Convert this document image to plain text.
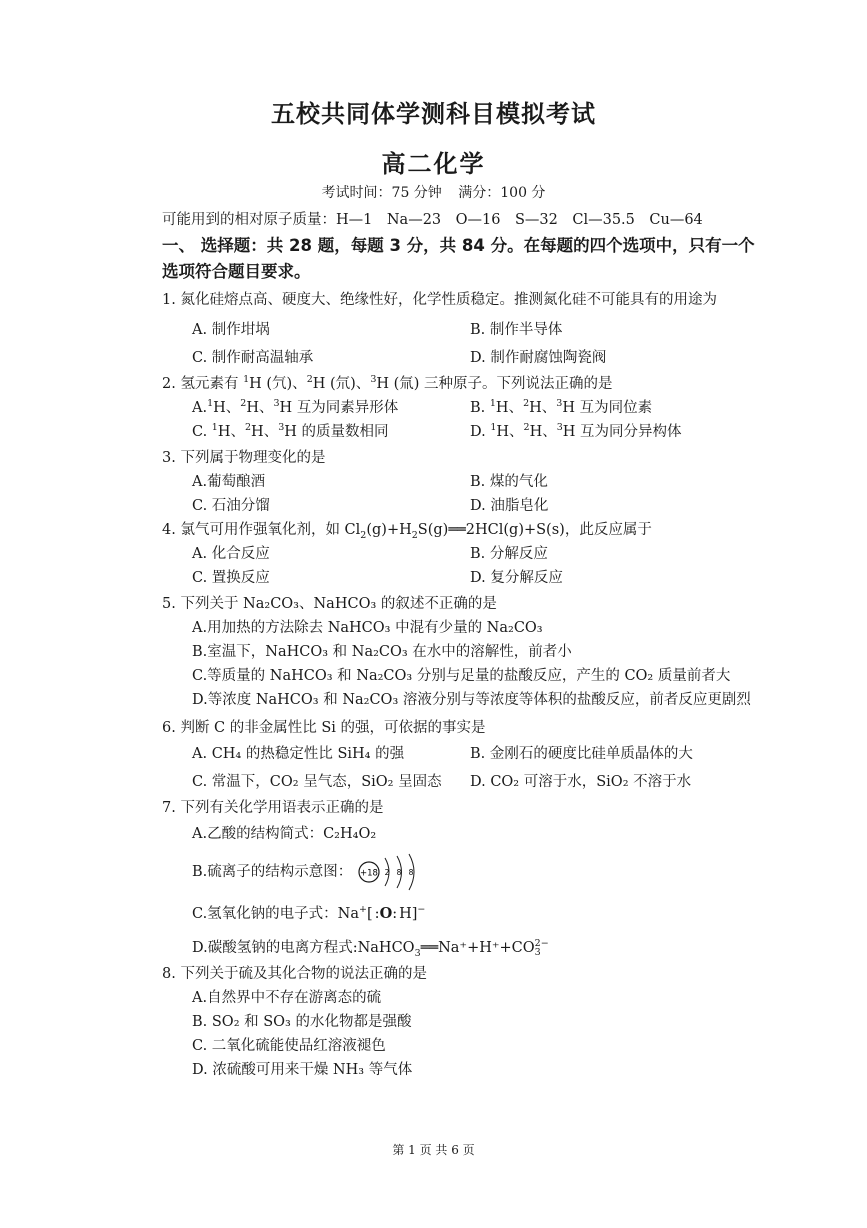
五校共同体学测科目模拟考试
高二化学
考试时间：75 分钟 满分：100 分
可能用到的相对原子质量：H—1　Na—23　O—16　S—32　Cl—35.5　Cu—64
一、 选择题：共 28 题，每题 3 分，共 84 分。在每题的四个选项中，只有一个
选项符合题目要求。
1. 氮化硅熔点高、硬度大、绝缘性好，化学性质稳定。推测氮化硅不可能具有的用途为
A. 制作坩埚	B. 制作半导体
C. 制作耐高温轴承	D. 制作耐腐蚀陶瓷阀
2. 氢元素有 $^1$H (氕)、$^2$H (氘)、$^3$H (氚) 三种原子。下列说法正确的是
A.$^1$H、$^2$H、$^3$H 互为同素异形体	B. $^1$H、$^2$H、$^3$H 互为同位素
C. $^1$H、$^2$H、$^3$H 的质量数相同	D. $^1$H、$^2$H、$^3$H 互为同分异构体
3. 下列属于物理变化的是
A.葡萄酿酒	B. 煤的气化
C. 石油分馏	D. 油脂皂化
4. 氯气可用作强氧化剂，如 $Cl_2(g)+H_2S(g)══2HCl(g)+S(s)$，此反应属于
A. 化合反应	B. 分解反应
C. 置换反应	D. 复分解反应
5. 下列关于 Na₂CO₃、NaHCO₃ 的叙述不正确的是
A.用加热的方法除去 NaHCO₃ 中混有少量的 Na₂CO₃
B.室温下，NaHCO₃ 和 Na₂CO₃ 在水中的溶解性，前者小
C.等质量的 NaHCO₃ 和 Na₂CO₃ 分别与足量的盐酸反应，产生的 CO₂ 质量前者大
D.等浓度 NaHCO₃ 和 Na₂CO₃ 溶液分别与等浓度等体积的盐酸反应，前者反应更剧烈
6. 判断 C 的非金属性比 Si 的强，可依据的事实是
A. CH₄ 的热稳定性比 SiH₄ 的强	B. 金刚石的硬度比硅单质晶体的大
C. 常温下，CO₂ 呈气态，SiO₂ 呈固态 D. CO₂ 可溶于水，SiO₂ 不溶于水
7. 下列有关化学用语表示正确的是
A.乙酸的结构简式：C₂H₄O₂
B.硫离子的结构示意图： +18 2 8 8
C.氢氧化钠的电子式：Na+[ :O: H]−
D.碳酸氢钠的电离方程式:NaHCO$_3$══Na⁺+H⁺+CO 2−
3
8. 下列关于硫及其化合物的说法正确的是
A.自然界中不存在游离态的硫
B. SO₂ 和 SO₃ 的水化物都是强酸
C. 二氧化硫能使品红溶液褪色
D. 浓硫酸可用来干燥 NH₃ 等气体
第 1 页 共 6 页
